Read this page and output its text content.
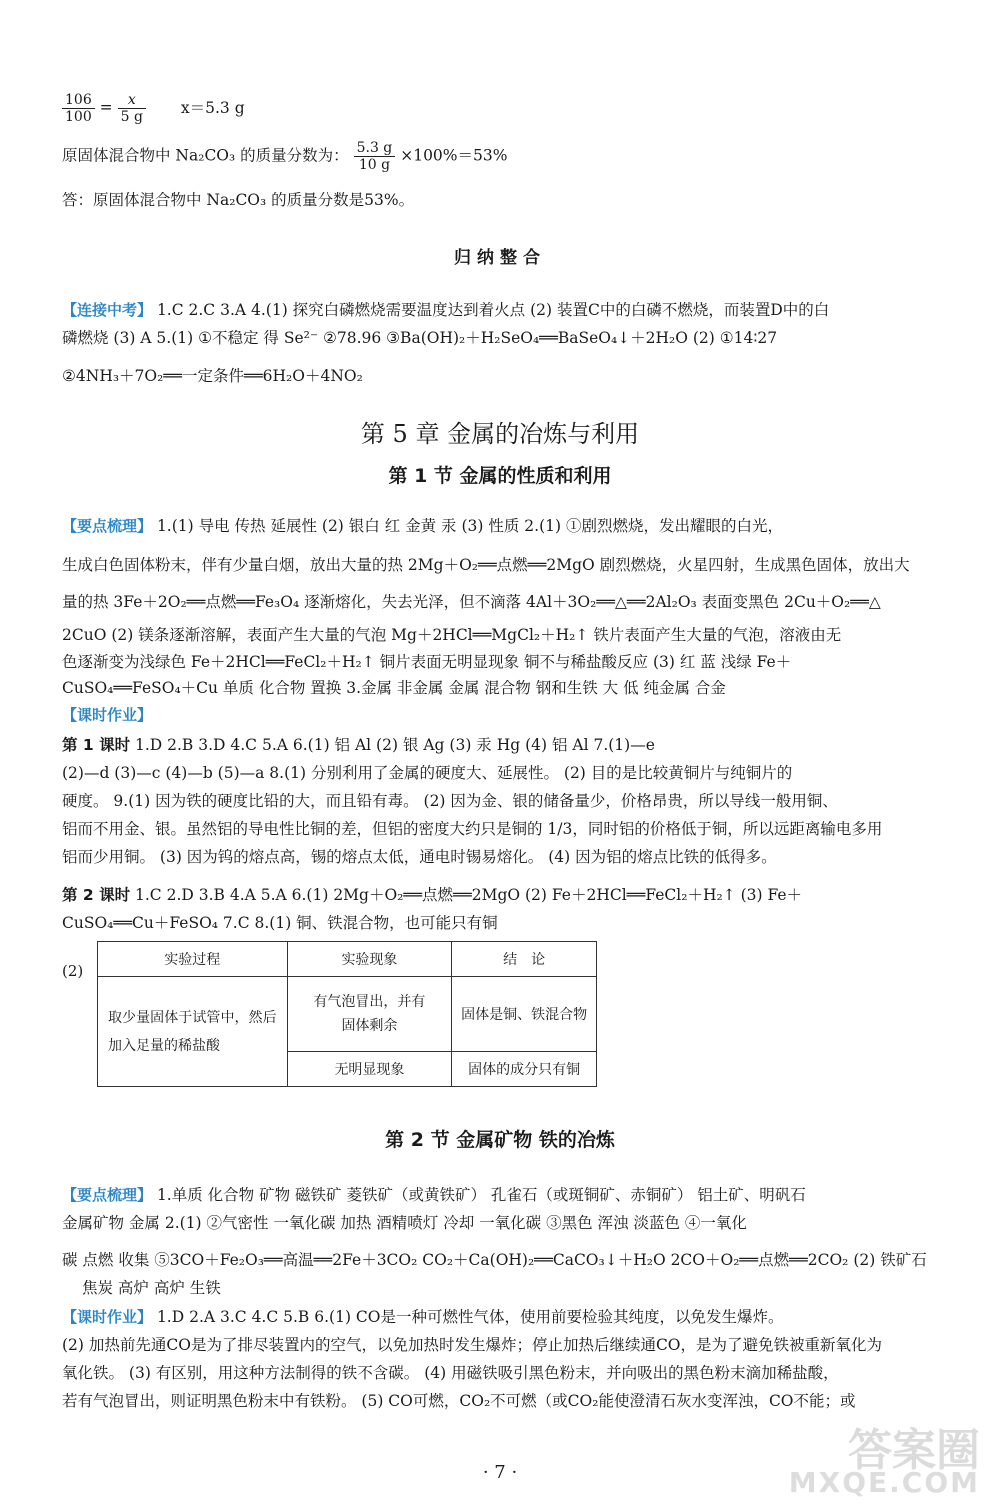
$\frac{106}{100} = \frac{x}{5 g} x=5.3$ g
原固体混合物中 Na₂CO₃ 的质量分数为： $\frac{5.3 g}{10 g} \times 100\%=53\%$
答：原固体混合物中 Na₂CO₃ 的质量分数是53%。
归纳整合
【连接中考】 1.C 2.C 3.A 4.(1) 探究白磷燃烧需要温度达到着火点 (2) 装置C中的白磷不燃烧，而装置D中的白
磷燃烧 (3) A 5.(1) ①不稳定 得 Se²⁻ ②78.96 ③Ba(OH)₂＋H₂SeO₄══BaSeO₄↓＋2H₂O (2) ①14∶27
②4NH₃＋7O₂══一定条件══6H₂O＋4NO₂
第 5 章 金属的冶炼与利用
第 1 节 金属的性质和利用
【要点梳理】 1.(1) 导电 传热 延展性 (2) 银白 红 金黄 汞 (3) 性质 2.(1) ①剧烈燃烧，发出耀眼的白光，
生成白色固体粉末，伴有少量白烟，放出大量的热 2Mg＋O₂══点燃══2MgO 剧烈燃烧，火星四射，生成黑色固体，放出大
量的热 3Fe＋2O₂══点燃══Fe₃O₄ 逐渐熔化，失去光泽，但不滴落 4Al＋3O₂══△══2Al₂O₃ 表面变黑色 2Cu＋O₂══△
2CuO (2) 镁条逐渐溶解，表面产生大量的气泡 Mg＋2HCl══MgCl₂＋H₂↑ 铁片表面产生大量的气泡，溶液由无
色逐渐变为浅绿色 Fe＋2HCl══FeCl₂＋H₂↑ 铜片表面无明显现象 铜不与稀盐酸反应 (3) 红 蓝 浅绿 Fe＋
CuSO₄══FeSO₄＋Cu 单质 化合物 置换 3.金属 非金属 金属 混合物 钢和生铁 大 低 纯金属 合金
【课时作业】
第 1 课时 1.D 2.B 3.D 4.C 5.A 6.(1) 铝 Al (2) 银 Ag (3) 汞 Hg (4) 铝 Al 7.(1)—e
(2)—d (3)—c (4)—b (5)—a 8.(1) 分别利用了金属的硬度大、延展性。 (2) 目的是比较黄铜片与纯铜片的
硬度。 9.(1) 因为铁的硬度比铅的大，而且铅有毒。 (2) 因为金、银的储备量少，价格昂贵，所以导线一般用铜、
铝而不用金、银。虽然铝的导电性比铜的差，但铝的密度大约只是铜的 1/3，同时铝的价格低于铜，所以远距离输电多用
铝而少用铜。 (3) 因为钨的熔点高，锡的熔点太低，通电时锡易熔化。 (4) 因为铝的熔点比铁的低得多。
第 2 课时 1.C 2.D 3.B 4.A 5.A 6.(1) 2Mg＋O₂══点燃══2MgO (2) Fe＋2HCl══FeCl₂＋H₂↑ (3) Fe＋
CuSO₄══Cu＋FeSO₄ 7.C 8.(1) 铜、铁混合物，也可能只有铜
(2)
实验过程	实验现象	结　论
取少量固体于试管中，然后加入足量的稀盐酸	有气泡冒出，并有固体剩余	固体是铜、铁混合物
	无明显现象	固体的成分只有铜
第 2 节 金属矿物 铁的冶炼
【要点梳理】 1.单质 化合物 矿物 磁铁矿 菱铁矿（或黄铁矿） 孔雀石（或斑铜矿、赤铜矿） 铝土矿、明矾石
金属矿物 金属 2.(1) ②气密性 一氧化碳 加热 酒精喷灯 冷却 一氧化碳 ③黑色 浑浊 淡蓝色 ④一氧化
碳 点燃 收集 ⑤3CO＋Fe₂O₃══高温══2Fe＋3CO₂ CO₂＋Ca(OH)₂══CaCO₃↓＋H₂O 2CO＋O₂══点燃══2CO₂ (2) 铁矿石
焦炭 高炉 高炉 生铁
【课时作业】 1.D 2.A 3.C 4.C 5.B 6.(1) CO是一种可燃性气体，使用前要检验其纯度，以免发生爆炸。
(2) 加热前先通CO是为了排尽装置内的空气，以免加热时发生爆炸；停止加热后继续通CO，是为了避免铁被重新氧化为
氧化铁。 (3) 有区别，用这种方法制得的铁不含碳。 (4) 用磁铁吸引黑色粉末，并向吸出的黑色粉末滴加稀盐酸，
若有气泡冒出，则证明黑色粉末中有铁粉。 (5) CO可燃，CO₂不可燃（或CO₂能使澄清石灰水变浑浊，CO不能；或
· 7 ·	答案圈
MXQE.COM
